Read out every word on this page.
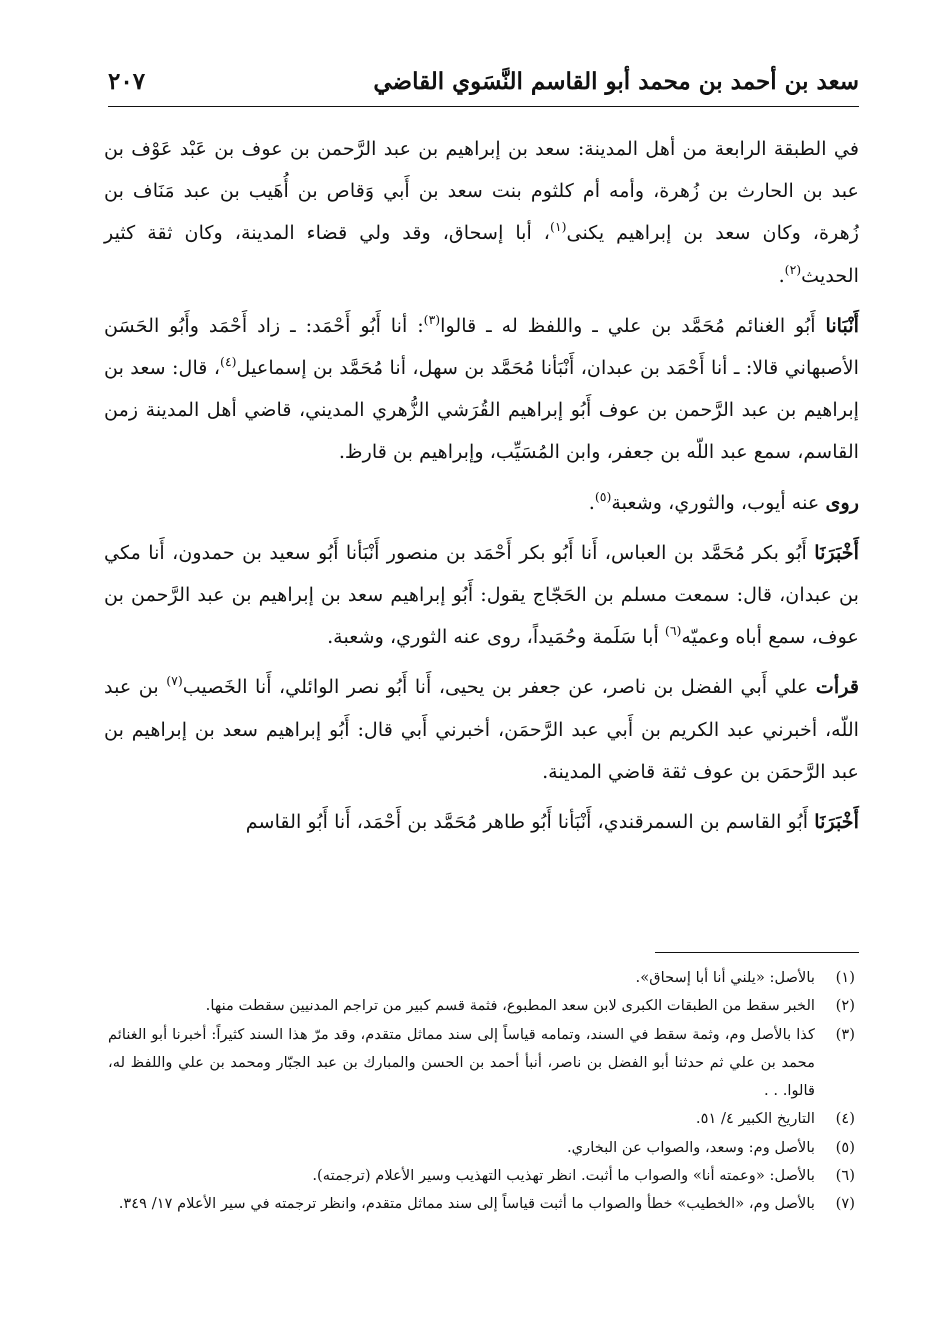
سعد بن أحمد بن محمد أبو القاسم النَّسَوي القاضي
٢٠٧

في الطبقة الرابعة من أهل المدينة: سعد بن إبراهيم بن عبد الرَّحمن بن عوف بن عَبْد عَوْف بن عبد بن الحارث بن زُهرة، وأمه أم كلثوم بنت سعد بن أَبي وَقاص بن أُهَيب بن عبد مَنَاف بن زُهرة، وكان سعد بن إبراهيم يكنى$^{(١)}$، أبا إسحاق، وقد ولي قضاء المدينة، وكان ثقة كثير الحديث$^{(٢)}$.

أَنْبَانا أَبُو الغنائم مُحَمَّد بن علي ـ واللفظ له ـ قالوا$^{(٣)}$: أنا أَبُو أَحْمَد: ـ زاد أَحْمَد وأَبُو الحَسَن الأصبهاني قالا: ـ أنا أَحْمَد بن عبدان، أَنْبَأنا مُحَمَّد بن سهل، أنا مُحَمَّد بن إسماعيل$^{(٤)}$، قال: سعد بن إبراهيم بن عبد الرَّحمن بن عوف أَبُو إبراهيم القُرَشي الزُّهري المديني، قاضي أهل المدينة زمن القاسم، سمع عبد اللّه بن جعفر، وابن المُسَيِّب، وإبراهيم بن قارظ.

روى عنه أيوب، والثوري، وشعبة$^{(٥)}$.

أَخْبَرَنَا أَبُو بكر مُحَمَّد بن العباس، أَنا أَبُو بكر أَحْمَد بن منصور أَنْبَأنا أَبُو سعيد بن حمدون، أَنا مكي بن عبدان، قال: سمعت مسلم بن الحَجّاج يقول: أَبُو إبراهيم سعد بن إبراهيم بن عبد الرَّحمن بن عوف، سمع أباه وعميّه$^{(٦)}$ أبا سَلَمة وحُمَيداً، روى عنه الثوري، وشعبة.

قرأت علي أَبي الفضل بن ناصر، عن جعفر بن يحيى، أَنا أَبُو نصر الوائلي، أَنا الخَصيب$^{(٧)}$ بن عبد اللّه، أخبرني عبد الكريم بن أَبي عبد الرَّحمَن، أخبرني أَبي قال: أَبُو إبراهيم سعد بن إبراهيم بن عبد الرَّحمَن بن عوف ثقة قاضي المدينة.

أَخْبَرَنَا أَبُو القاسم بن السمرقندي، أَنْبَأنا أَبُو طاهر مُحَمَّد بن أَحْمَد، أَنا أَبُو القاسم

(١)
بالأصل: «يلني أنا أبا إسحاق».
(٢)
الخبر سقط من الطبقات الكبرى لابن سعد المطبوع، فثمة قسم كبير من تراجم المدنيين سقطت منها.
(٣)
كذا بالأصل وم، وثمة سقط في السند، وتمامه قياساً إلى سند مماثل متقدم، وقد مرّ هذا السند كثيراً: أخبرنا أبو الغنائم محمد بن علي ثم حدثنا أبو الفضل بن ناصر، أنبأ أحمد بن الحسن والمبارك بن عبد الجبّار ومحمد بن علي واللفظ له، قالوا. . .
(٤)
التاريخ الكبير ٤/ ٥١.
(٥)
بالأصل وم: وسعد، والصواب عن البخاري.
(٦)
بالأصل: «وعمته أنا» والصواب ما أثبت. انظر تهذيب التهذيب وسير الأعلام (ترجمته).
(٧)
بالأصل وم، «الخطيب» خطأ والصواب ما أثبت قياساً إلى سند مماثل متقدم، وانظر ترجمته في سير الأعلام ١٧/ ٣٤٩.
